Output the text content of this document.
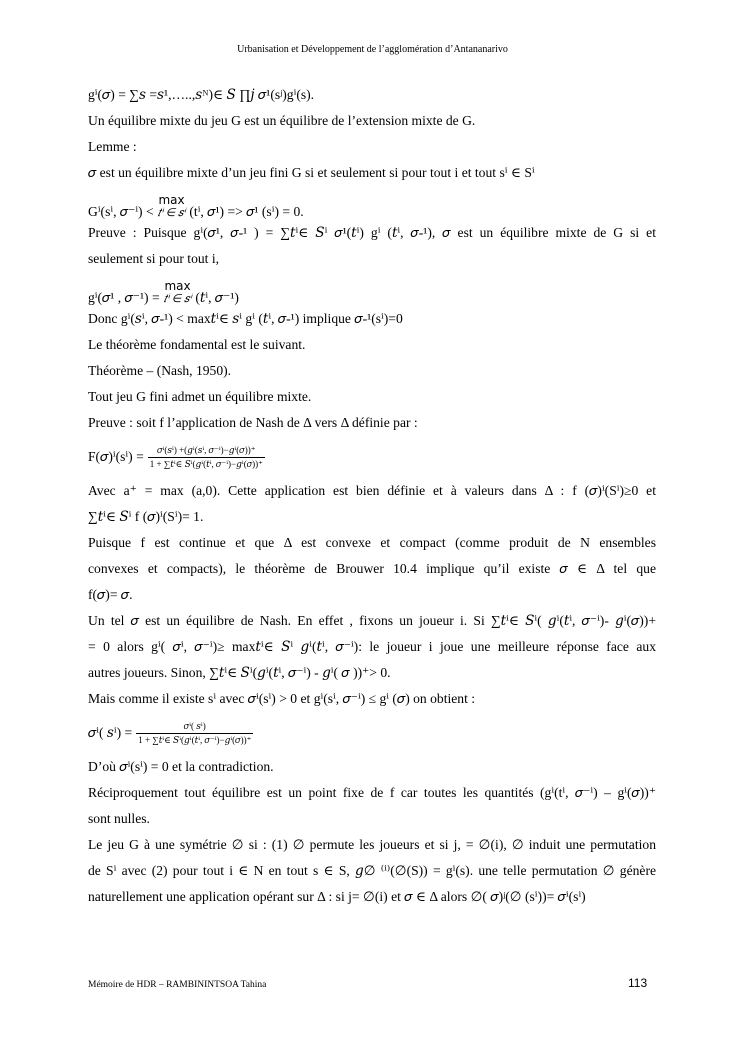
Urbanisation et Développement de l’agglomération d’Antananarivo

gⁱ(𝜎) = ∑𝑠 =𝑠¹,…..,𝑠ᴺ)∈ 𝑆 ∏𝑗 𝜎¹(sʲ)gⁱ(s).

Un équilibre mixte du jeu G est un équilibre de l’extension mixte de G.

Lemme :

𝜎 est un équilibre mixte d’un jeu fini G si et seulement si pour tout i et tout sⁱ ∈ Sⁱ

Gⁱ(sⁱ, 𝜎⁻ⁱ) <
max
𝑡ⁱ ∈ 𝑠ⁱ (tⁱ, 𝜎¹) => 𝜎¹ (sⁱ) = 0.

Preuve : Puisque gⁱ(𝜎¹, 𝜎-¹ ) = ∑𝑡ⁱ∈ 𝑆ⁱ 𝜎¹(𝑡ⁱ) gⁱ (𝑡ⁱ, 𝜎-¹), 𝜎 est un équilibre mixte de G si et

seulement si pour tout i,

gⁱ(𝜎¹ , 𝜎⁻¹) =
max
𝑡ⁱ ∈ 𝑠ⁱ (𝑡ⁱ, 𝜎⁻¹)

Donc gⁱ(𝑠ⁱ, 𝜎-¹) < max𝑡ⁱ∈ 𝑠ⁱ gⁱ (𝑡ⁱ, 𝜎-¹) implique 𝜎-¹(sⁱ)=0

Le théorème fondamental est le suivant.

Théorème – (Nash, 1950).

Tout jeu G fini admet un équilibre mixte.

Preuve : soit f l’application de Nash de Δ vers Δ définie par :

F(𝜎)ⁱ(sⁱ) = $\frac{\text{𝜎ⁱ(𝑠ⁱ) +(𝑔ⁱ(𝑠ⁱ, 𝜎⁻ⁱ)−𝑔ⁱ(𝜎))⁺}}{\text{1 + ∑𝑡ⁱ∈ 𝑆ⁱ(𝑔ⁱ(𝑡ⁱ, 𝜎⁻ⁱ)−𝑔ⁱ(𝜎))⁺}}$

Avec a⁺ = max (a,0). Cette application est bien définie et à valeurs dans Δ : f (𝜎)ⁱ(Sⁱ)≥0 et

∑𝑡ⁱ∈ 𝑆ⁱ f (𝜎)ⁱ(Sⁱ)= 1.

Puisque f est continue et que Δ est convexe et compact (comme produit de N ensembles

convexes et compacts), le théorème de Brouwer 10.4 implique qu’il existe 𝜎 ∈ Δ tel que

f(𝜎)= 𝜎.

Un tel 𝜎 est un équilibre de Nash. En effet , fixons un joueur i. Si ∑𝑡ⁱ∈ 𝑆ⁱ( 𝑔ⁱ(𝑡ⁱ, 𝜎⁻ⁱ)- 𝑔ⁱ(𝜎))+

= 0 alors gⁱ( 𝜎ⁱ, 𝜎⁻ⁱ)≥ max𝑡ⁱ∈ 𝑆ⁱ 𝑔ⁱ(𝑡ⁱ, 𝜎⁻ⁱ): le joueur i joue une meilleure réponse face aux

autres joueurs. Sinon, ∑𝑡ⁱ∈ 𝑆ⁱ(𝑔ⁱ(𝑡ⁱ, 𝜎⁻ⁱ) - 𝑔ⁱ( 𝜎 ))⁺> 0.

Mais comme il existe sⁱ avec 𝜎ⁱ(sⁱ) > 0 et gⁱ(sⁱ, 𝜎⁻ⁱ) ≤ gⁱ (𝜎) on obtient :

𝜎ⁱ( 𝑠ⁱ) = $\frac{\text{𝜎ⁱ( 𝑠ⁱ)}}{\text{1 + ∑𝑡ⁱ∈ 𝑆ⁱ(𝑔ⁱ(𝑡ⁱ, 𝜎⁻ⁱ)−𝑔ⁱ(𝜎))⁺}}$

D’où 𝜎ⁱ(sⁱ) = 0 et la contradiction.

Réciproquement tout équilibre est un point fixe de f car toutes les quantités (gⁱ(tⁱ, 𝜎⁻ⁱ) – gⁱ(𝜎))⁺

sont nulles.

Le jeu G à une symétrie ∅ si : (1) ∅ permute les joueurs et si j, = ∅(i), ∅ induit une permutation

de Sⁱ avec (2) pour tout i ∈ N en tout s ∈ S, 𝑔∅ ⁽ⁱ⁾(∅(S)) = gⁱ(s). une telle permutation ∅ génère

naturellement une application opérant sur Δ : si j= ∅(i) et 𝜎 ∈ Δ alors ∅( 𝜎)ʲ(∅ (sⁱ))= 𝜎ⁱ(sⁱ)

Mémoire de HDR – RAMBININTSOA Tahina	113
